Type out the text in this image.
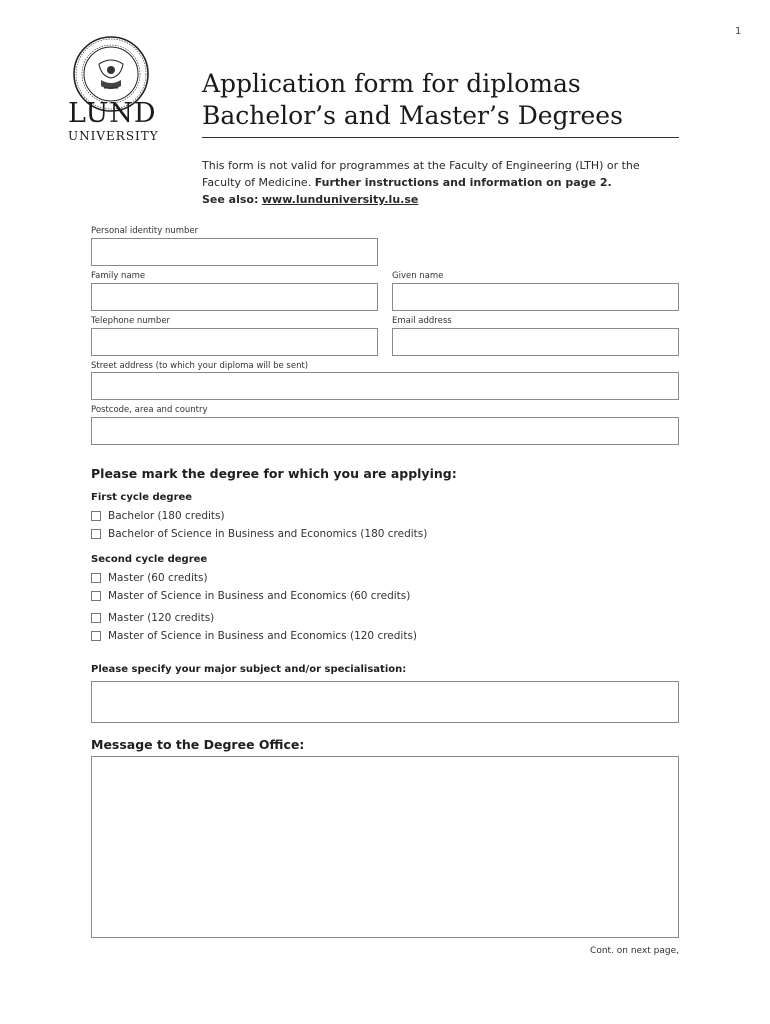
1
LUND
UNIVERSITY
Application form for diplomas
Bachelor’s and Master’s Degrees
This form is not valid for programmes at the Faculty of Engineering (LTH) or the Faculty of Medicine. Further instructions and information on page 2.
See also: www.lunduniversity.lu.se
Personal identity number
Family name	Given name
Telephone number	Email address
Street address (to which your diploma will be sent)
Postcode, area and country
Please mark the degree for which you are applying:
First cycle degree
Bachelor (180 credits)
Bachelor of Science in Business and Economics (180 credits)
Second cycle degree
Master (60 credits)
Master of Science in Business and Economics (60 credits)
Master (120 credits)
Master of Science in Business and Economics (120 credits)
Please specify your major subject and/or specialisation:
Message to the Degree Office:
Cont. on next page,
